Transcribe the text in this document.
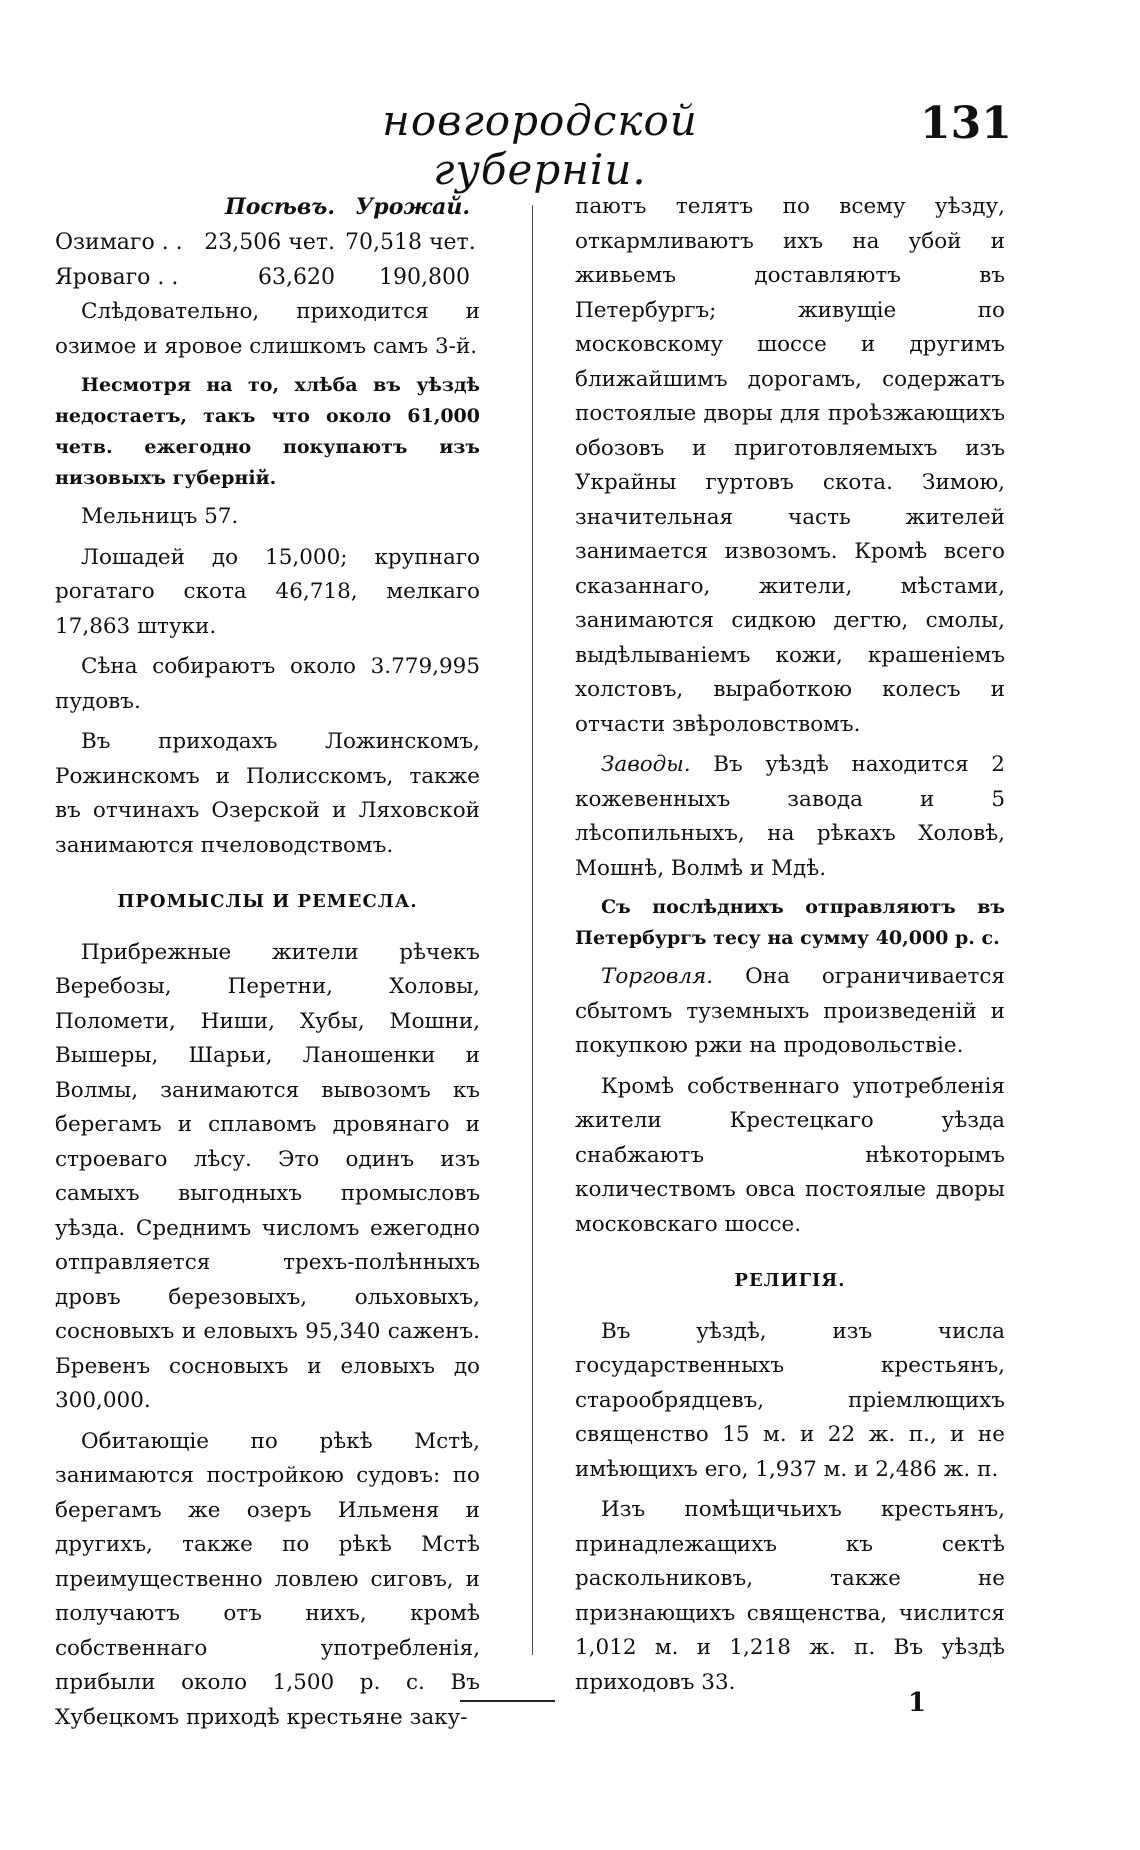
новгородской губерніи.
131
Посѣвъ. Урожай.
Озимаго . . 23,506 чет. 70,518 чет.
Яроваго . .	63,620	190,800

Слѣдовательно, приходится и озимое и яровое слишкомъ самъ 3-й.

Несмотря на то, хлѣба въ уѣздѣ недостаетъ, такъ что около 61,000 четв. ежегодно покупаютъ изъ низовыхъ губерній.

Мельницъ 57.

Лошадей до 15,000; крупнаго рогатаго скота 46,718, мелкаго 17,863 штуки.

Сѣна собираютъ около 3.779,995 пудовъ.

Въ приходахъ Ложинскомъ, Рожинскомъ и Полисскомъ, также въ отчинахъ Озерской и Ляховской занимаются пчеловодствомъ.

ПРОМЫСЛЫ И РЕМЕСЛА.

Прибрежные жители рѣчекъ Веребозы, Перетни, Холовы, Поломети, Ниши, Хубы, Мошни, Вышеры, Шарьи, Ланошенки и Волмы, занимаются вывозомъ къ берегамъ и сплавомъ дровянаго и строеваго лѣсу. Это одинъ изъ самыхъ выгодныхъ промысловъ уѣзда. Среднимъ числомъ ежегодно отправляется трехъ-полѣнныхъ дровъ березовыхъ, ольховыхъ, сосновыхъ и еловыхъ 95,340 саженъ. Бревенъ сосновыхъ и еловыхъ до 300,000.

Обитающіе по рѣкѣ Мстѣ, занимаются постройкою судовъ: по берегамъ же озеръ Ильменя и другихъ, также по рѣкѣ Мстѣ преимущественно ловлею сиговъ, и получаютъ отъ нихъ, кромѣ собственнаго употребленія, прибыли около 1,500 р. с. Въ Хубецкомъ приходѣ крестьяне заку-

паютъ телятъ по всему уѣзду, откармливаютъ ихъ на убой и живьемъ доставляютъ въ Петербургъ; живущіе по московскому шоссе и другимъ ближайшимъ дорогамъ, содержатъ постоялые дворы для проѣзжающихъ обозовъ и приготовляемыхъ изъ Украйны гуртовъ скота. Зимою, значительная часть жителей занимается извозомъ. Кромѣ всего сказаннаго, жители, мѣстами, занимаются сидкою дегтю, смолы, выдѣлываніемъ кожи, крашеніемъ холстовъ, выработкою колесъ и отчасти звѣроловствомъ.

Заводы. Въ уѣздѣ находится 2 кожевенныхъ завода и 5 лѣсопильныхъ, на рѣкахъ Холовѣ, Мошнѣ, Волмѣ и Мдѣ.

Съ послѣднихъ отправляютъ въ Петербургъ тесу на сумму 40,000 р. с.

Торговля. Она ограничивается сбытомъ туземныхъ произведеній и покупкою ржи на продовольствіе.

Кромѣ собственнаго употребленія жители Крестецкаго уѣзда снабжаютъ нѣкоторымъ количествомъ овса постоялые дворы московскаго шоссе.

РЕЛИГІЯ.

Въ уѣздѣ, изъ числа государственныхъ крестьянъ, старообрядцевъ, пріемлющихъ священство 15 м. и 22 ж. п., и не имѣющихъ его, 1,937 м. и 2,486 ж. п.

Изъ помѣщичьихъ крестьянъ, принадлежащихъ къ сектѣ раскольниковъ, также не признающихъ священства, числится 1,012 м. и 1,218 ж. п. Въ уѣздѣ приходовъ 33.

1
